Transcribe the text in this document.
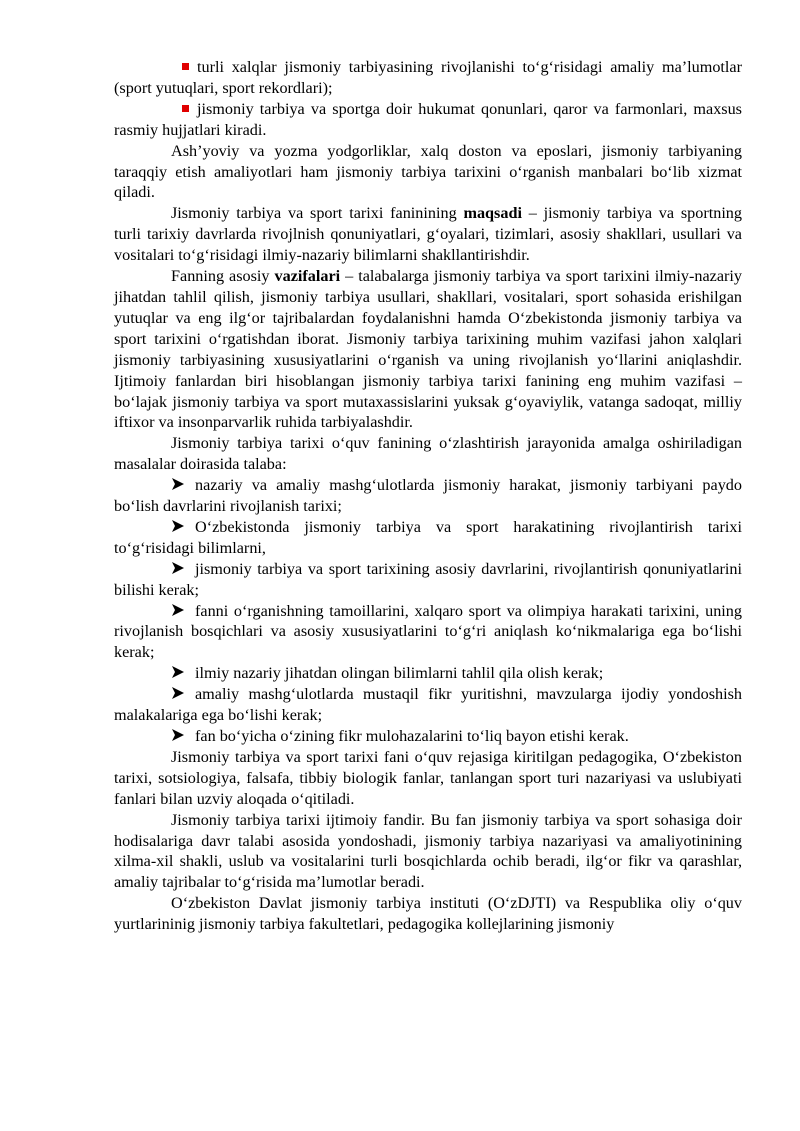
turli xalqlar jismoniy tarbiyasining rivojlanishi to‘g‘risidagi amaliy ma’lumotlar (sport yutuqlari, sport rekordlari);

jismoniy tarbiya va sportga doir hukumat qonunlari, qaror va farmonlari, maxsus rasmiy hujjatlari kiradi.

Ash’yoviy va yozma yodgorliklar, xalq doston va eposlari, jismoniy tarbiyaning taraqqiy etish amaliyotlari ham jismoniy tarbiya tarixini o‘rganish manbalari bo‘lib xizmat qiladi.

Jismoniy tarbiya va sport tarixi faninining maqsadi – jismoniy tarbiya va sportning turli tarixiy davrlarda rivojlnish qonuniyatlari, g‘oyalari, tizimlari, asosiy shakllari, usullari va vositalari to‘g‘risidagi ilmiy-nazariy bilimlarni shakllantirishdir.

Fanning asosiy vazifalari – talabalarga jismoniy tarbiya va sport tarixini ilmiy-nazariy jihatdan tahlil qilish, jismoniy tarbiya usullari, shakllari, vositalari, sport sohasida erishilgan yutuqlar va eng ilg‘or tajribalardan foydalanishni hamda O‘zbekistonda jismoniy tarbiya va sport tarixini o‘rgatishdan iborat. Jismoniy tarbiya tarixining muhim vazifasi jahon xalqlari jismoniy tarbiyasining xususiyatlarini o‘rganish va uning rivojlanish yo‘llarini aniqlashdir. Ijtimoiy fanlardan biri hisoblangan jismoniy tarbiya tarixi fanining eng muhim vazifasi – bo‘lajak jismoniy tarbiya va sport mutaxassislarini yuksak g‘oyaviylik, vatanga sadoqat, milliy iftixor va insonparvarlik ruhida tarbiyalashdir.

Jismoniy tarbiya tarixi o‘quv fanining o‘zlashtirish jarayonida amalga oshiriladigan masalalar doirasida talaba:

nazariy va amaliy mashg‘ulotlarda jismoniy harakat, jismoniy tarbiyani paydo bo‘lish davrlarini rivojlanish tarixi;

O‘zbekistonda jismoniy tarbiya va sport harakatining rivojlantirish tarixi to‘g‘risidagi bilimlarni,

jismoniy tarbiya va sport tarixining asosiy davrlarini, rivojlantirish qonuniyatlarini bilishi kerak;

fanni o‘rganishning tamoillarini, xalqaro sport va olimpiya harakati tarixini, uning rivojlanish bosqichlari va asosiy xususiyatlarini to‘g‘ri aniqlash ko‘nikmalariga ega bo‘lishi kerak;

ilmiy nazariy jihatdan olingan bilimlarni tahlil qila olish kerak;

amaliy mashg‘ulotlarda mustaqil fikr yuritishni, mavzularga ijodiy yondoshish malakalariga ega bo‘lishi kerak;

fan bo‘yicha o‘zining fikr mulohazalarini to‘liq bayon etishi kerak.

Jismoniy tarbiya va sport tarixi fani o‘quv rejasiga kiritilgan pedagogika, O‘zbekiston tarixi, sotsiologiya, falsafa, tibbiy biologik fanlar, tanlangan sport turi nazariyasi va uslubiyati fanlari bilan uzviy aloqada o‘qitiladi.

Jismoniy tarbiya tarixi ijtimoiy fandir. Bu fan jismoniy tarbiya va sport sohasiga doir hodisalariga davr talabi asosida yondoshadi, jismoniy tarbiya nazariyasi va amaliyotinining xilma-xil shakli, uslub va vositalarini turli bosqichlarda ochib beradi, ilg‘or fikr va qarashlar, amaliy tajribalar to‘g‘risida ma’lumotlar beradi.

O‘zbekiston Davlat jismoniy tarbiya instituti (O‘zDJTI) va Respublika oliy o‘quv yurtlarininig jismoniy tarbiya fakultetlari, pedagogika kollejlarining jismoniy
